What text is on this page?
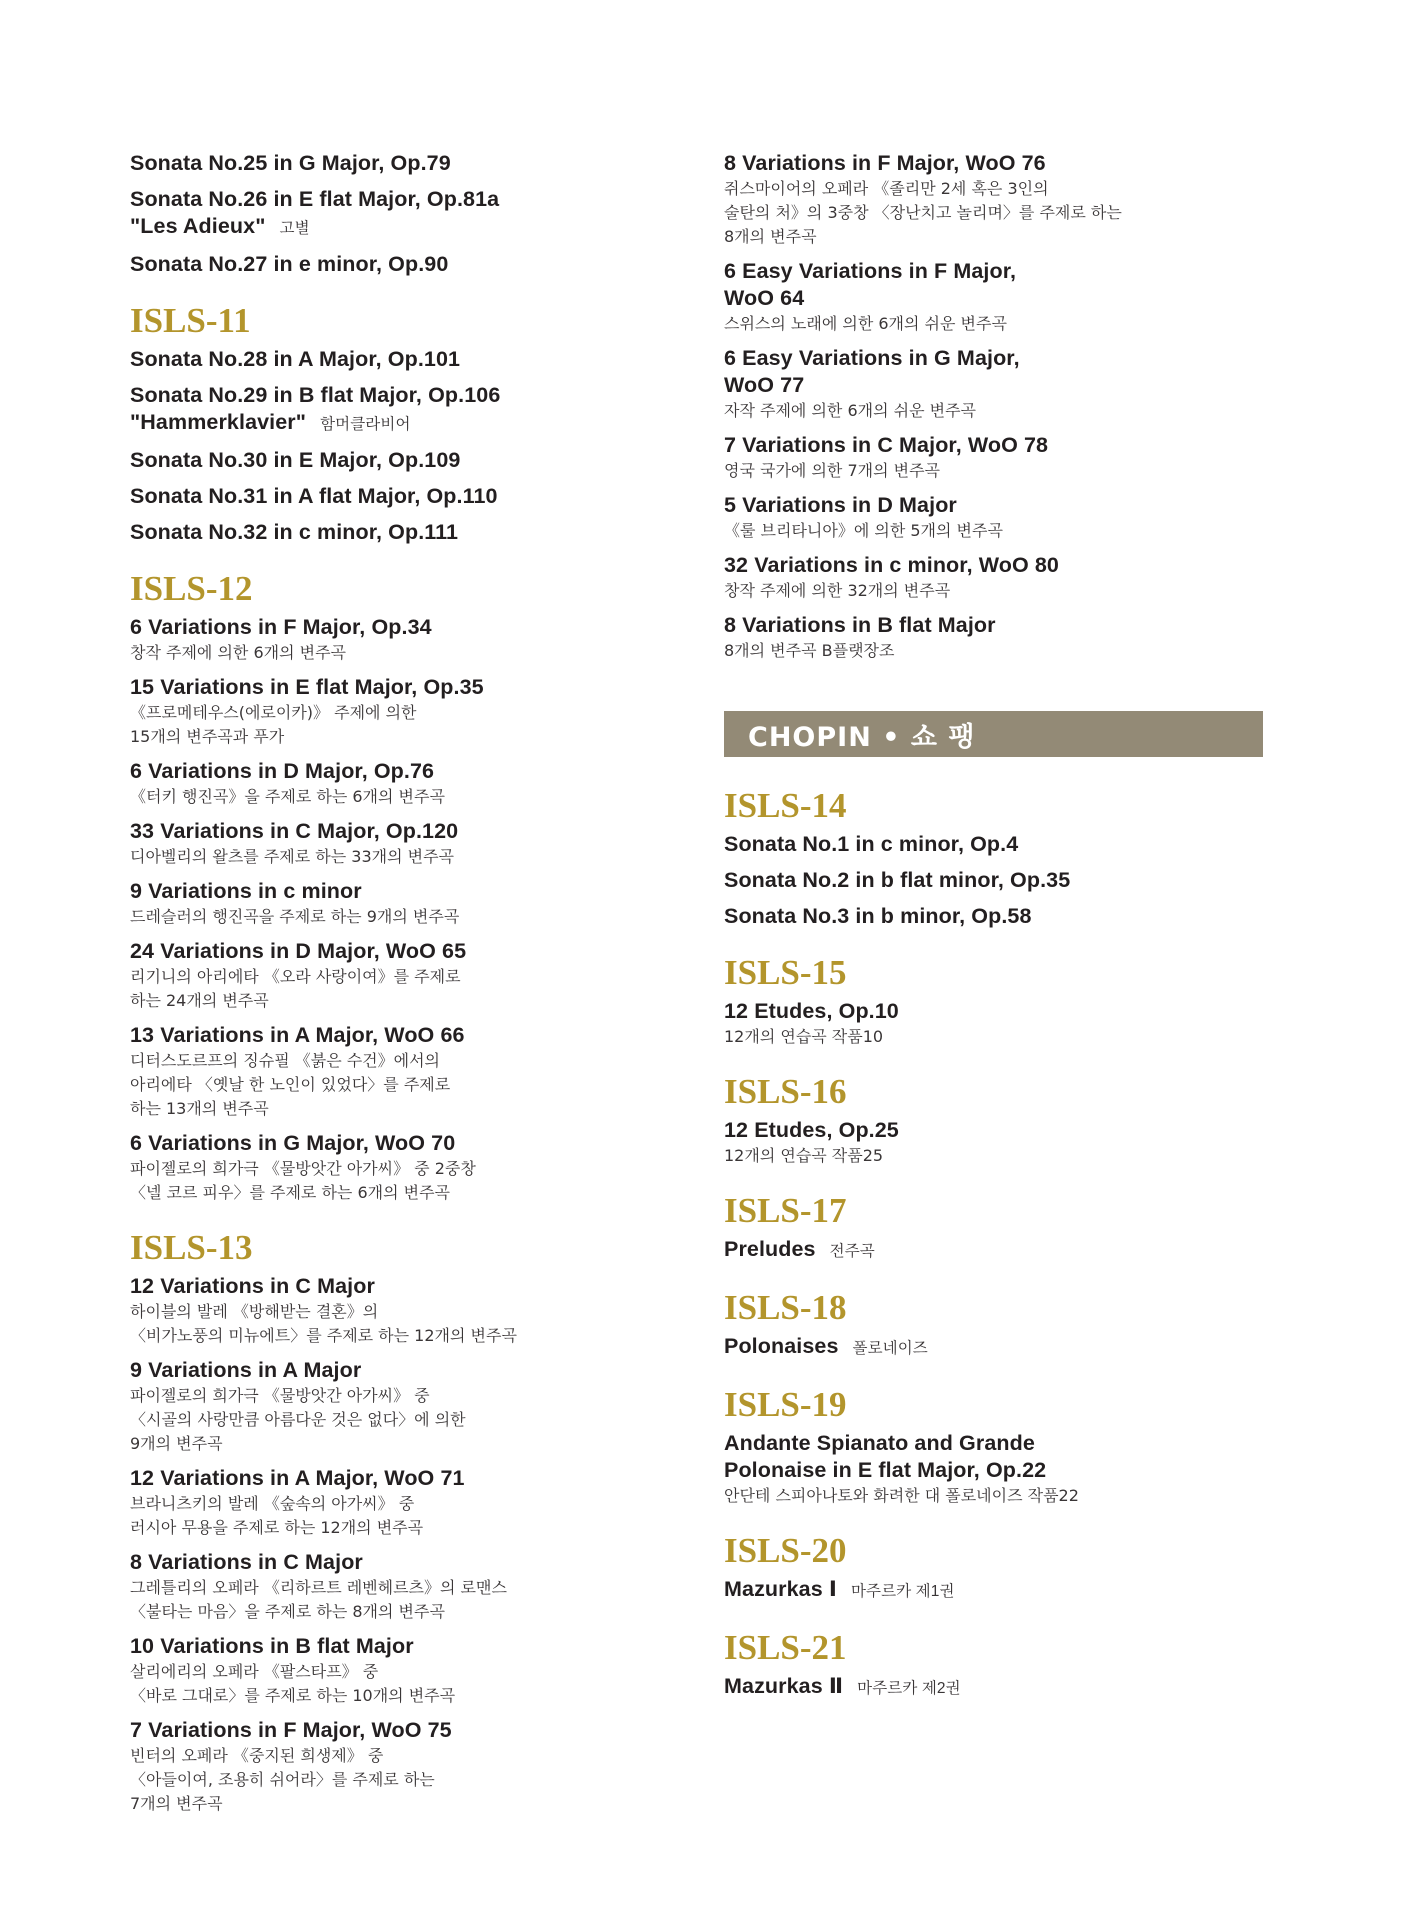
Sonata No.25 in G Major, Op.79
Sonata No.26 in E flat Major, Op.81a
"Les Adieux" 고별
Sonata No.27 in e minor, Op.90
ISLS-11
Sonata No.28 in A Major, Op.101
Sonata No.29 in B flat Major, Op.106
"Hammerklavier" 함머클라비어
Sonata No.30 in E Major, Op.109
Sonata No.31 in A flat Major, Op.110
Sonata No.32 in c minor, Op.111
ISLS-12
6 Variations in F Major, Op.34
창작 주제에 의한 6개의 변주곡
15 Variations in E flat Major, Op.35
《프로메테우스(에로이카)》 주제에 의한
15개의 변주곡과 푸가
6 Variations in D Major, Op.76
《터키 행진곡》을 주제로 하는 6개의 변주곡
33 Variations in C Major, Op.120
디아벨리의 왈츠를 주제로 하는 33개의 변주곡
9 Variations in c minor
드레슬러의 행진곡을 주제로 하는 9개의 변주곡
24 Variations in D Major, WoO 65
리기니의 아리에타 《오라 사랑이여》를 주제로
하는 24개의 변주곡
13 Variations in A Major, WoO 66
디터스도르프의 징슈필 《붉은 수건》에서의
아리에타 〈옛날 한 노인이 있었다〉를 주제로
하는 13개의 변주곡
6 Variations in G Major, WoO 70
파이젤로의 희가극 《물방앗간 아가씨》 중 2중창
〈넬 코르 피우〉를 주제로 하는 6개의 변주곡
ISLS-13
12 Variations in C Major
하이블의 발레 《방해받는 결혼》의
〈비가노풍의 미뉴에트〉를 주제로 하는 12개의 변주곡
9 Variations in A Major
파이젤로의 희가극 《물방앗간 아가씨》 중
〈시골의 사랑만큼 아름다운 것은 없다〉에 의한
9개의 변주곡
12 Variations in A Major, WoO 71
브라니츠키의 발레 《숲속의 아가씨》 중
러시아 무용을 주제로 하는 12개의 변주곡
8 Variations in C Major
그레틀리의 오페라 《리하르트 레벤헤르츠》의 로맨스
〈불타는 마음〉을 주제로 하는 8개의 변주곡
10 Variations in B flat Major
살리에리의 오페라 《팔스타프》 중
〈바로 그대로〉를 주제로 하는 10개의 변주곡
7 Variations in F Major, WoO 75
빈터의 오페라 《중지된 희생제》 중
〈아들이여, 조용히 쉬어라〉를 주제로 하는
7개의 변주곡
8 Variations in F Major, WoO 76
쥐스마이어의 오페라 《졸리만 2세 혹은 3인의
술탄의 처》의 3중창 〈장난치고 놀리며〉를 주제로 하는
8개의 변주곡
6 Easy Variations in F Major,
WoO 64
스위스의 노래에 의한 6개의 쉬운 변주곡
6 Easy Variations in G Major,
WoO 77
자작 주제에 의한 6개의 쉬운 변주곡
7 Variations in C Major, WoO 78
영국 국가에 의한 7개의 변주곡
5 Variations in D Major
《룰 브리타니아》에 의한 5개의 변주곡
32 Variations in c minor, WoO 80
창작 주제에 의한 32개의 변주곡
8 Variations in B flat Major
8개의 변주곡 B플랫장조
CHOPIN • 쇼 팽
ISLS-14
Sonata No.1 in c minor, Op.4
Sonata No.2 in b flat minor, Op.35
Sonata No.3 in b minor, Op.58
ISLS-15
12 Etudes, Op.10
12개의 연습곡 작품10
ISLS-16
12 Etudes, Op.25
12개의 연습곡 작품25
ISLS-17
Preludes 전주곡
ISLS-18
Polonaises 폴로네이즈
ISLS-19
Andante Spianato and Grande
Polonaise in E flat Major, Op.22
안단테 스피아나토와 화려한 대 폴로네이즈 작품22
ISLS-20
Mazurkas Ⅰ 마주르카 제1권
ISLS-21
Mazurkas Ⅱ 마주르카 제2권
